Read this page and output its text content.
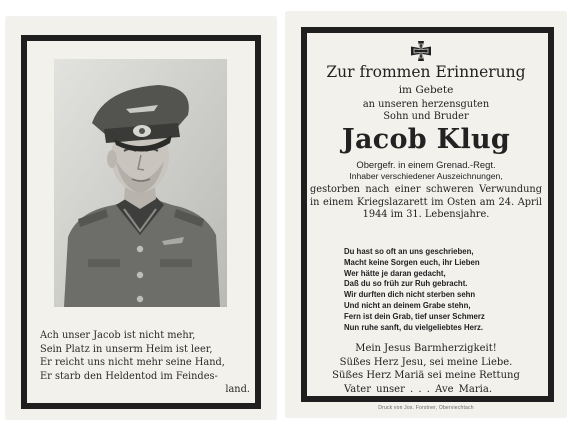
Ach unser Jacob ist nicht mehr,
Sein Platz in unserm Heim ist leer,
Er reicht uns nicht mehr seine Hand,
Er starb den Heldentod im Feindes-
land.
Zur frommen Erinnerung
im Gebete
an unseren herzensguten
Sohn und Bruder
Jacob Klug
Obergefr. in einem Grenad.-Regt.
Inhaber verschiedener Auszeichnungen,
gestorben nach einer schweren Verwundung in einem Kriegslazarett im Osten am 24. April 1944 im 31. Lebensjahre.
Du hast so oft an uns geschrieben,
Macht keine Sorgen euch, ihr Lieben
Wer hätte je daran gedacht,
Daß du so früh zur Ruh gebracht.
Wir durften dich nicht sterben sehn
Und nicht an deinem Grabe stehn,
Fern ist dein Grab, tief unser Schmerz
Nun ruhe sanft, du vielgeliebtes Herz.
Mein Jesus Barmherzigkeit!
Süßes Herz Jesu, sei meine Liebe.
Süßes Herz Mariä sei meine Rettung
Vater unser . . . Ave Maria.
Druck von Jos. Forstner, Oberviechtach
